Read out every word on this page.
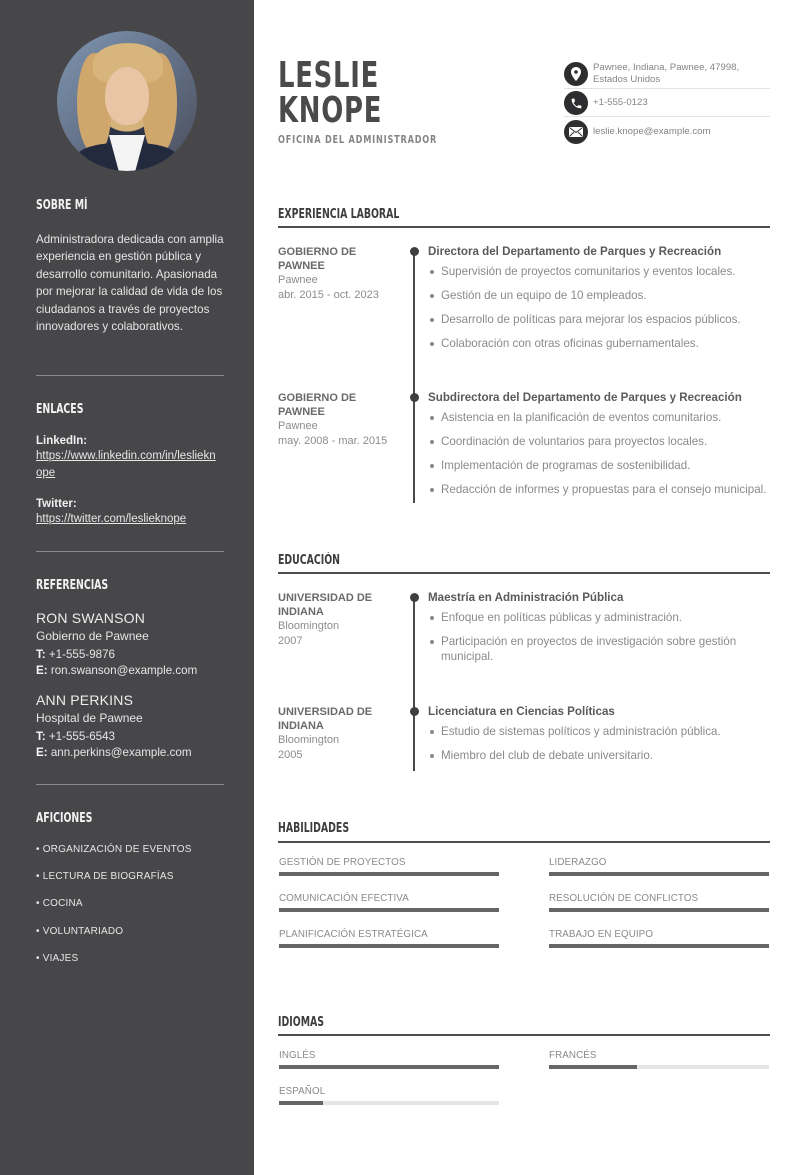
SOBRE MÍ

Administradora dedicada con amplia experiencia en gestión pública y desarrollo comunitario. Apasionada por mejorar la calidad de vida de los ciudadanos a través de proyectos innovadores y colaborativos.

ENLACES
LinkedIn:
https://www.linkedin.com/in/leslieknope
Twitter:
https://twitter.com/leslieknope
REFERENCIAS
RON SWANSON
Gobierno de Pawnee
T: +1-555-9876
E: ron.swanson@example.com
ANN PERKINS
Hospital de Pawnee
T: +1-555-6543
E: ann.perkins@example.com
AFICIONES
• ORGANIZACIÓN DE EVENTOS
• LECTURA DE BIOGRAFÍAS
• COCINA
• VOLUNTARIADO
• VIAJES
LESLIE
KNOPE
OFICINA DEL ADMINISTRADOR
Pawnee, Indiana, Pawnee, 47998, Estados Unidos
+1-555-0123
leslie.knope@example.com
EXPERIENCIA LABORAL
GOBIERNO DE PAWNEE
Pawnee
abr. 2015 - oct. 2023
Directora del Departamento de Parques y Recreación
Supervisión de proyectos comunitarios y eventos locales.
Gestión de un equipo de 10 empleados.
Desarrollo de políticas para mejorar los espacios públicos.
Colaboración con otras oficinas gubernamentales.
GOBIERNO DE PAWNEE
Pawnee
may. 2008 - mar. 2015
Subdirectora del Departamento de Parques y Recreación
Asistencia en la planificación de eventos comunitarios.
Coordinación de voluntarios para proyectos locales.
Implementación de programas de sostenibilidad.
Redacción de informes y propuestas para el consejo municipal.
EDUCACIÓN
UNIVERSIDAD DE INDIANA
Bloomington
2007
Maestría en Administración Pública
Enfoque en políticas públicas y administración.
Participación en proyectos de investigación sobre gestión municipal.
UNIVERSIDAD DE INDIANA
Bloomington
2005
Licenciatura en Ciencias Políticas
Estudio de sistemas políticos y administración pública.
Miembro del club de debate universitario.
HABILIDADES
GESTIÓN DE PROYECTOS	LIDERAZGO
COMUNICACIÓN EFECTIVA	RESOLUCIÓN DE CONFLICTOS
PLANIFICACIÓN ESTRATÉGICA	TRABAJO EN EQUIPO
IDIOMAS
INGLÉS	FRANCÉS
ESPAÑOL
